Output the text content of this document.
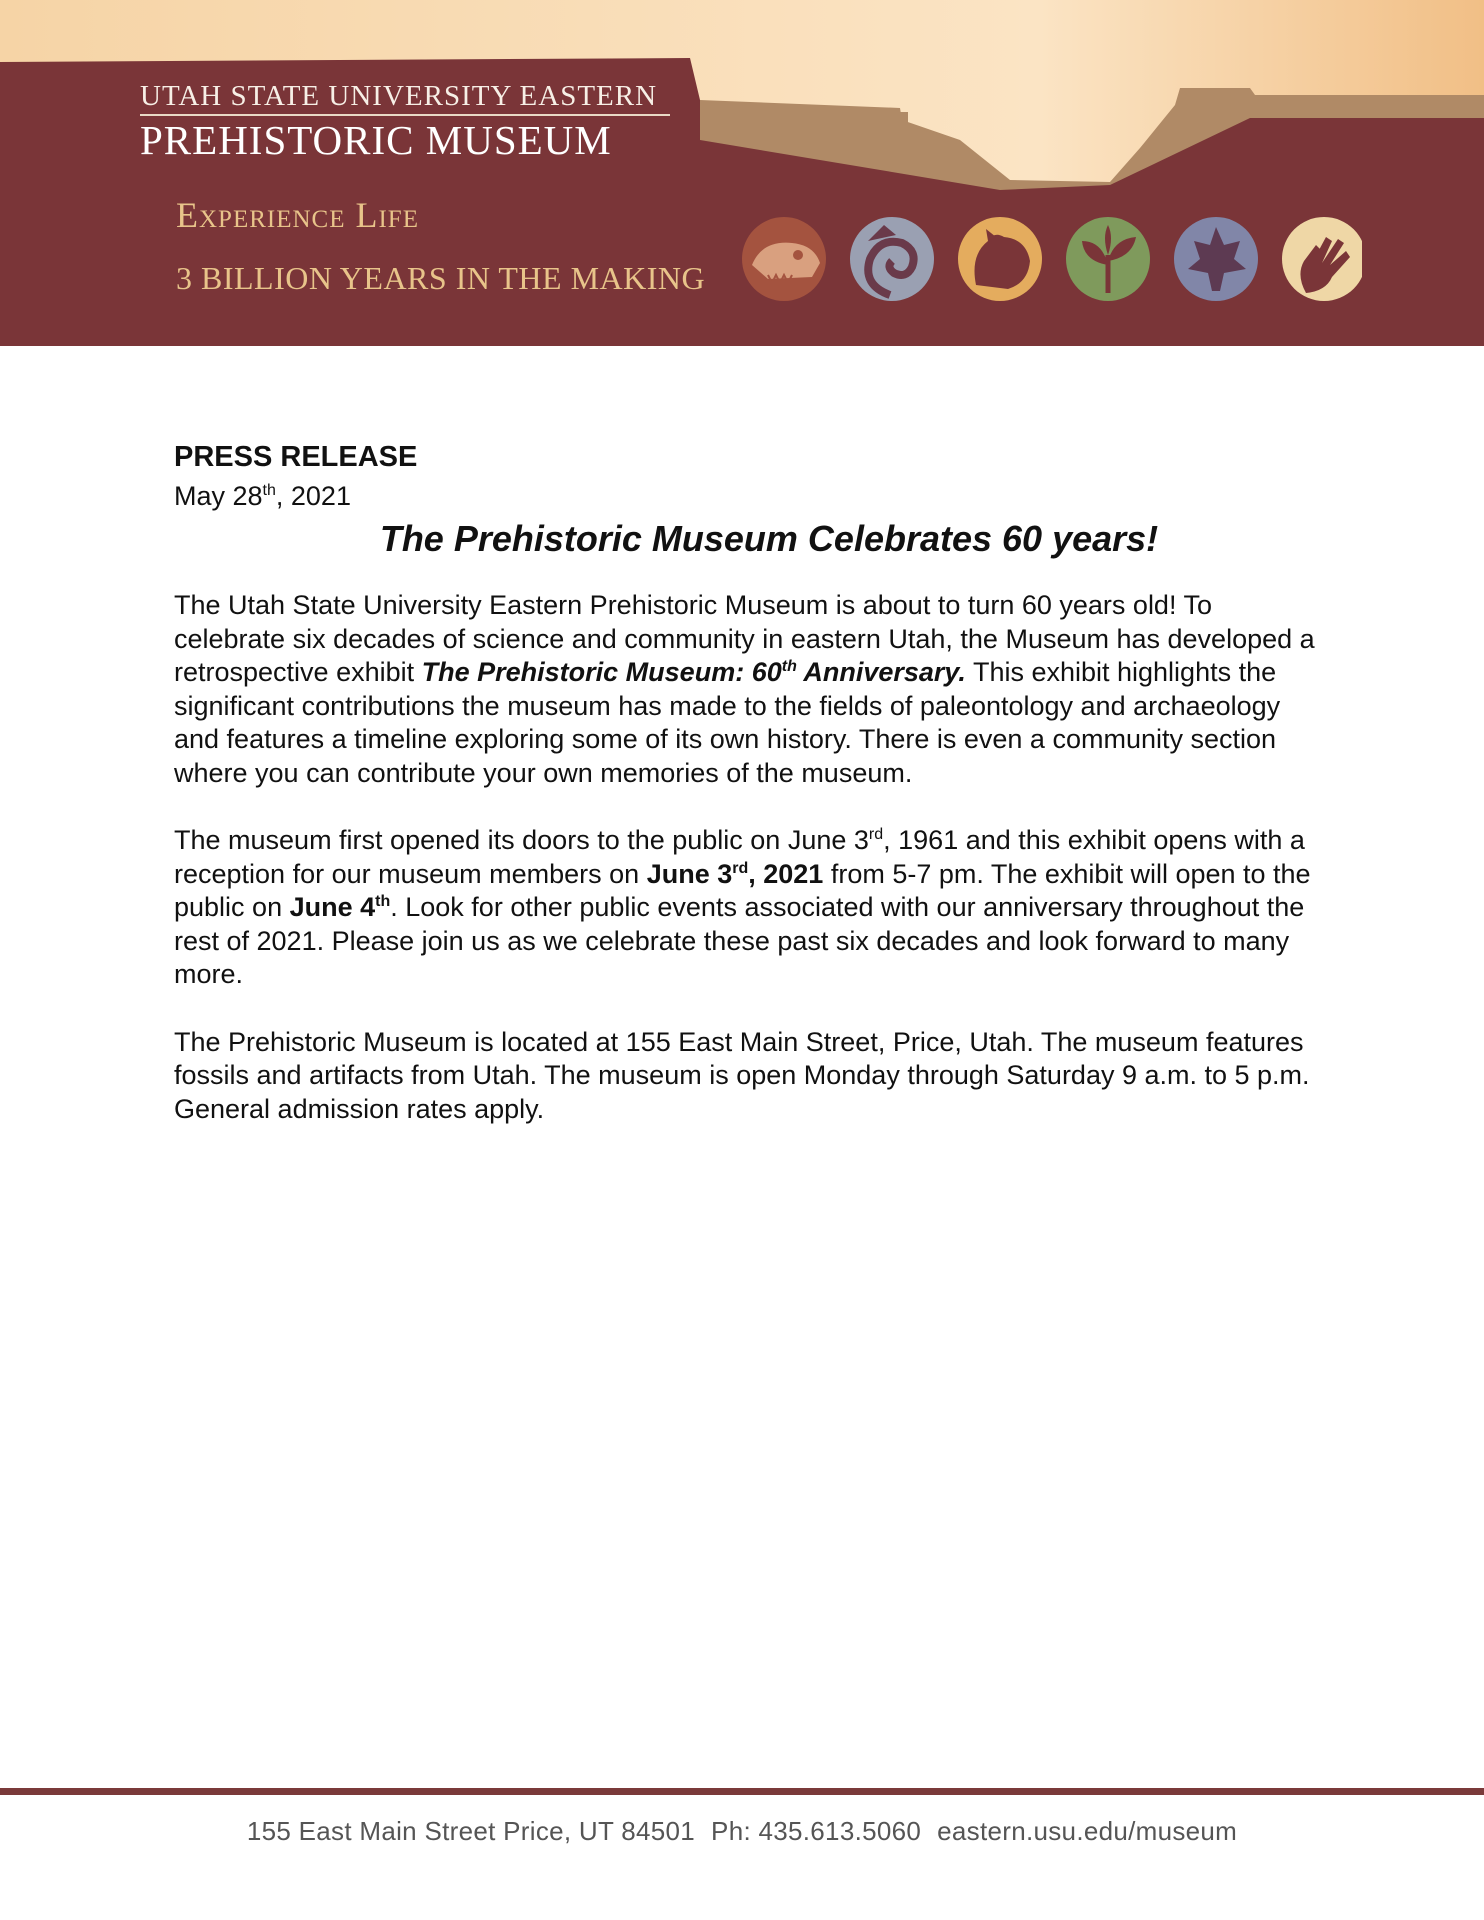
UTAH STATE UNIVERSITY EASTERN
PREHISTORIC MUSEUM
Experience Life
3 BILLION YEARS IN THE MAKING
PRESS RELEASE
May 28th, 2021
The Prehistoric Museum Celebrates 60 years!

The Utah State University Eastern Prehistoric Museum is about to turn 60 years old! To celebrate six decades of science and community in eastern Utah, the Museum has developed a retrospective exhibit The Prehistoric Museum: 60th Anniversary. This exhibit highlights the significant contributions the museum has made to the fields of paleontology and archaeology and features a timeline exploring some of its own history. There is even a community section where you can contribute your own memories of the museum.

The museum first opened its doors to the public on June 3rd, 1961 and this exhibit opens with a reception for our museum members on June 3rd, 2021 from 5-7 pm. The exhibit will open to the public on June 4th. Look for other public events associated with our anniversary throughout the rest of 2021. Please join us as we celebrate these past six decades and look forward to many more.

The Prehistoric Museum is located at 155 East Main Street, Price, Utah. The museum features fossils and artifacts from Utah. The museum is open Monday through Saturday 9 a.m. to 5 p.m. General admission rates apply.

155 East Main Street Price, UT 84501 Ph: 435.613.5060 eastern.usu.edu/museum
